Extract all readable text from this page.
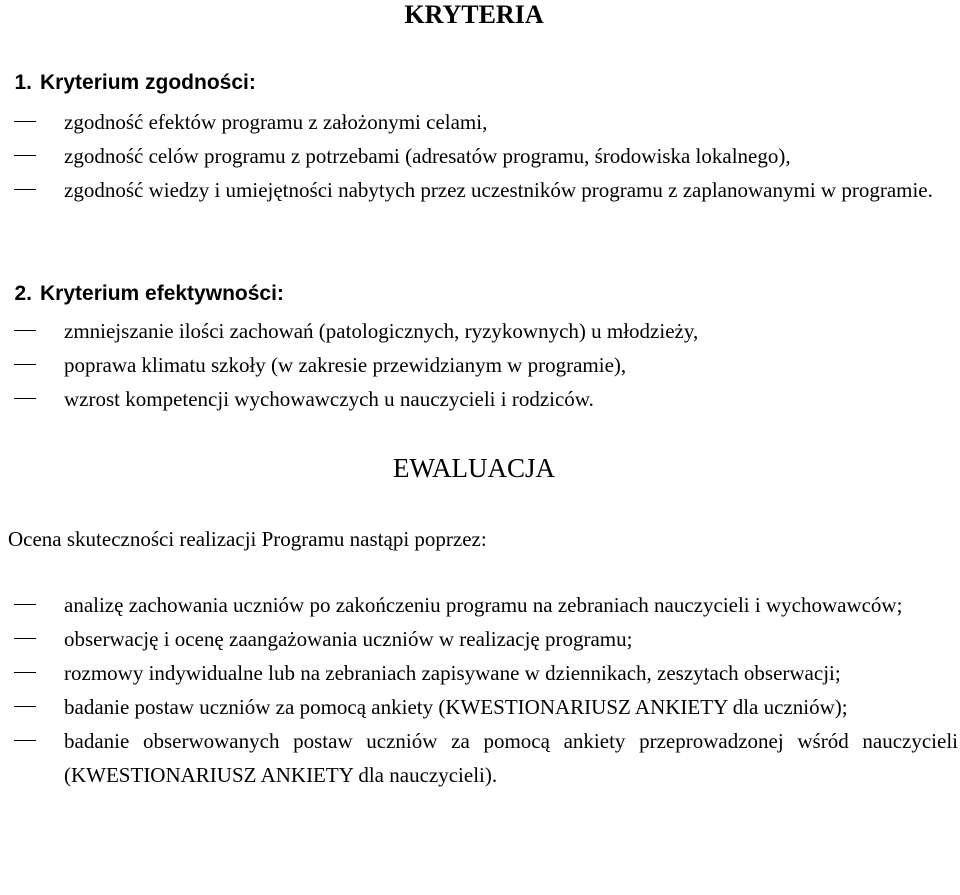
KRYTERIA
1. Kryterium zgodności:
zgodność efektów programu z założonymi celami,
zgodność celów programu z potrzebami (adresatów programu, środowiska lokalnego),
zgodność wiedzy i umiejętności nabytych przez uczestników programu z zaplanowanymi w programie.
2. Kryterium efektywności:
zmniejszanie ilości zachowań (patologicznych, ryzykownych) u młodzieży,
poprawa klimatu szkoły (w zakresie przewidzianym w programie),
wzrost kompetencji wychowawczych u nauczycieli i rodziców.
EWALUACJA
Ocena skuteczności realizacji Programu nastąpi poprzez:
analizę zachowania uczniów po zakończeniu programu na zebraniach nauczycieli i wychowawców;
obserwację i ocenę zaangażowania uczniów w realizację programu;
rozmowy indywidualne lub na zebraniach zapisywane w dziennikach, zeszytach obserwacji;
badanie postaw uczniów za pomocą ankiety (KWESTIONARIUSZ ANKIETY dla uczniów);
badanie obserwowanych postaw uczniów za pomocą ankiety przeprowadzonej wśród nauczycieli (KWESTIONARIUSZ ANKIETY dla nauczycieli).
